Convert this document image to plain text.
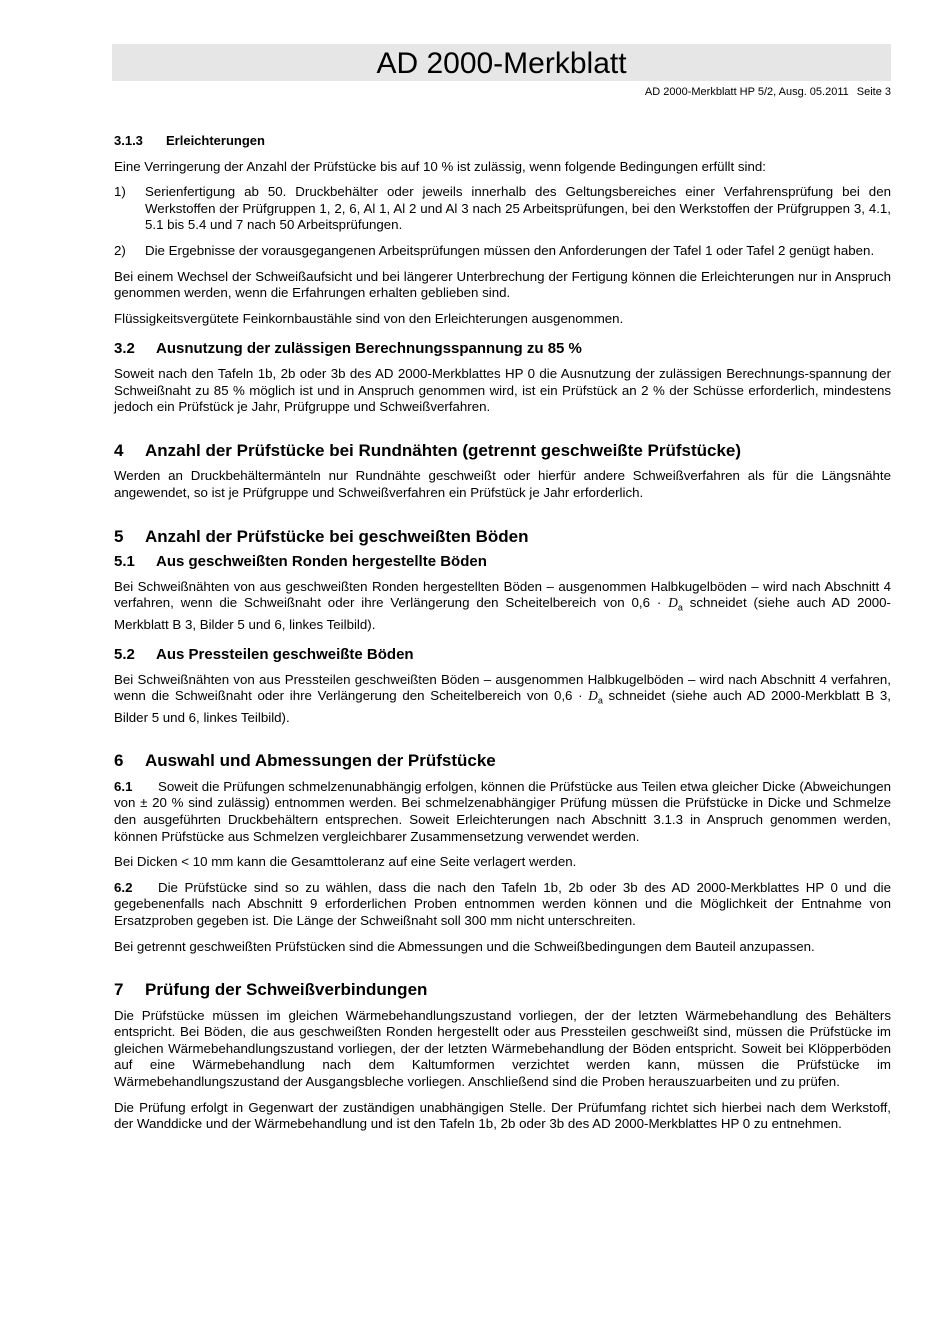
AD 2000-Merkblatt
AD 2000-Merkblatt HP 5/2, Ausg. 05.2011 Seite 3
3.1.3 Erleichterungen

Eine Verringerung der Anzahl der Prüfstücke bis auf 10 % ist zulässig, wenn folgende Bedingungen erfüllt sind:

1)	Serienfertigung ab 50. Druckbehälter oder jeweils innerhalb des Geltungsbereiches einer Verfahrensprüfung bei den Werkstoffen der Prüfgruppen 1, 2, 6, Al 1, Al 2 und Al 3 nach 25 Arbeitsprüfungen, bei den Werkstoffen der Prüfgruppen 3, 4.1, 5.1 bis 5.4 und 7 nach 50 Arbeitsprüfungen.
2)	Die Ergebnisse der vorausgegangenen Arbeitsprüfungen müssen den Anforderungen der Tafel 1 oder Tafel 2 genügt haben.

Bei einem Wechsel der Schweißaufsicht und bei längerer Unterbrechung der Fertigung können die Erleichterungen nur in Anspruch genommen werden, wenn die Erfahrungen erhalten geblieben sind.

Flüssigkeitsvergütete Feinkornbaustähle sind von den Erleichterungen ausgenommen.

3.2 Ausnutzung der zulässigen Berechnungsspannung zu 85 %

Soweit nach den Tafeln 1b, 2b oder 3b des AD 2000-Merkblattes HP 0 die Ausnutzung der zulässigen Berechnungs-spannung der Schweißnaht zu 85 % möglich ist und in Anspruch genommen wird, ist ein Prüfstück an 2 % der Schüsse erforderlich, mindestens jedoch ein Prüfstück je Jahr, Prüfgruppe und Schweißverfahren.

4 Anzahl der Prüfstücke bei Rundnähten (getrennt geschweißte Prüfstücke)

Werden an Druckbehältermänteln nur Rundnähte geschweißt oder hierfür andere Schweißverfahren als für die Längsnähte angewendet, so ist je Prüfgruppe und Schweißverfahren ein Prüfstück je Jahr erforderlich.

5 Anzahl der Prüfstücke bei geschweißten Böden
5.1 Aus geschweißten Ronden hergestellte Böden

Bei Schweißnähten von aus geschweißten Ronden hergestellten Böden – ausgenommen Halbkugelböden – wird nach Abschnitt 4 verfahren, wenn die Schweißnaht oder ihre Verlängerung den Scheitelbereich von $0,6 \cdot D_a$ schneidet (siehe auch AD 2000-Merkblatt B 3, Bilder 5 und 6, linkes Teilbild).

5.2 Aus Pressteilen geschweißte Böden

Bei Schweißnähten von aus Pressteilen geschweißten Böden – ausgenommen Halbkugelböden – wird nach Abschnitt 4 verfahren, wenn die Schweißnaht oder ihre Verlängerung den Scheitelbereich von $0,6 \cdot D_a$ schneidet (siehe auch AD 2000-Merkblatt B 3, Bilder 5 und 6, linkes Teilbild).

6 Auswahl und Abmessungen der Prüfstücke

6.1 Soweit die Prüfungen schmelzenunabhängig erfolgen, können die Prüfstücke aus Teilen etwa gleicher Dicke (Abweichungen von ± 20 % sind zulässig) entnommen werden. Bei schmelzenabhängiger Prüfung müssen die Prüfstücke in Dicke und Schmelze den ausgeführten Druckbehältern entsprechen. Soweit Erleichterungen nach Abschnitt 3.1.3 in Anspruch genommen werden, können Prüfstücke aus Schmelzen vergleichbarer Zusammensetzung verwendet werden.

Bei Dicken < 10 mm kann die Gesamttoleranz auf eine Seite verlagert werden.

6.2 Die Prüfstücke sind so zu wählen, dass die nach den Tafeln 1b, 2b oder 3b des AD 2000-Merkblattes HP 0 und die gegebenenfalls nach Abschnitt 9 erforderlichen Proben entnommen werden können und die Möglichkeit der Entnahme von Ersatzproben gegeben ist. Die Länge der Schweißnaht soll 300 mm nicht unterschreiten.

Bei getrennt geschweißten Prüfstücken sind die Abmessungen und die Schweißbedingungen dem Bauteil anzupassen.

7 Prüfung der Schweißverbindungen

Die Prüfstücke müssen im gleichen Wärmebehandlungszustand vorliegen, der der letzten Wärmebehandlung des Behälters entspricht. Bei Böden, die aus geschweißten Ronden hergestellt oder aus Pressteilen geschweißt sind, müssen die Prüfstücke im gleichen Wärmebehandlungszustand vorliegen, der der letzten Wärmebehandlung der Böden entspricht. Soweit bei Klöpperböden auf eine Wärmebehandlung nach dem Kaltumformen verzichtet werden kann, müssen die Prüfstücke im Wärmebehandlungszustand der Ausgangsbleche vorliegen. Anschließend sind die Proben herauszuarbeiten und zu prüfen.

Die Prüfung erfolgt in Gegenwart der zuständigen unabhängigen Stelle. Der Prüfumfang richtet sich hierbei nach dem Werkstoff, der Wanddicke und der Wärmebehandlung und ist den Tafeln 1b, 2b oder 3b des AD 2000-Merkblattes HP 0 zu entnehmen.
